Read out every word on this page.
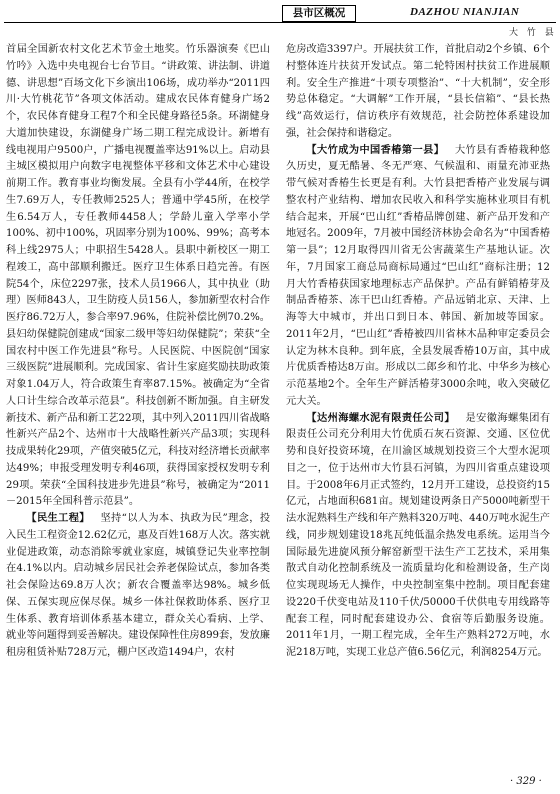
县市区概况	DAZHOU NIANJIAN
大 竹 县

首届全国新农村文化艺术节金土地奖。竹乐器演奏《巴山竹吟》入选中央电视台七台节目。“讲政策、讲法制、讲道德、讲思想”百场文化下乡演出106场，成功举办“2011四川·大竹桃花节”各项文体活动。建成农民体育健身广场2个，农民体育健身工程7个和全民健身路径5条。环湖健身大道加快建设，东湖健身广场二期工程完成设计。新增有线电视用户9500户，广播电视覆盖率达91%以上。启动县主城区模拟用户向数字电视整体平移和文体艺术中心建设前期工作。教育事业均衡发展。全县有小学44所，在校学生7.69万人，专任教师2525人；普通中学45所，在校学生6.54万人，专任教师4458人；学龄儿童入学率小学100%、初中100%，巩固率分别为100%、99%；高考本科上线2975人；中职招生5428人。县职中新校区一期工程竣工，高中部顺利搬迁。医疗卫生体系日趋完善。有医院54个，床位2297张，技术人员1966人，其中执业（助理）医师843人，卫生防疫人员156人，参加新型农村合作医疗86.72万人，参合率97.96%，住院补偿比例70.2%。县妇幼保健院创建成“国家二级甲等妇幼保健院”；荣获“全国农村中医工作先进县”称号。人民医院、中医院创“国家三级医院”进展顺利。完成国家、省计生家庭奖励扶助政策对象1.04万人，符合政策生育率87.15%。被确定为“全省人口计生综合改革示范县”。科技创新不断加强。自主研发新技术、新产品和新工艺22项，其中列入2011四川省战略性新兴产品2个、达州市十大战略性新兴产品3项；实现科技成果转化29项，产值突破5亿元，科技对经济增长贡献率达49%；申报受理发明专利46项，获得国家授权发明专利29项。荣获“全国科技进步先进县”称号，被确定为“2011－2015年全国科普示范县”。

【民生工程】  坚持“以人为本、执政为民”理念，投入民生工程资金12.62亿元，惠及百姓168万人次。落实就业促进政策，动态消除零就业家庭，城镇登记失业率控制在4.1%以内。启动城乡居民社会养老保险试点，参加各类社会保险达69.8万人次；新农合覆盖率达98%。城乡低保、五保实现应保尽保。城乡一体社保救助体系、医疗卫生体系、教育培训体系基本建立，群众关心看病、上学、就业等问题得到妥善解决。建设保障性住房899套，发放廉租房租赁补贴728万元，棚户区改造1494户，农村

危房改造3397户。开展扶贫工作，首批启动2个乡镇、6个村整体连片扶贫开发试点。第二轮特困村扶贫工作进展顺利。安全生产推进“十项专项整治”、“十大机制”，安全形势总体稳定。“大调解”工作开展，“县长信箱”、“县长热线”高效运行，信访秩序有效规范，社会防控体系建设加强，社会保持和谐稳定。

【大竹成为中国香椿第一县】  大竹县有香椿栽种悠久历史，夏无酷暑、冬无严寒、气候温和、雨量充沛亚热带气候对香椿生长更是有利。大竹县把香椿产业发展与调整农村产业结构、增加农民收入和科学实施林业项目有机结合起来，开展“巴山红”香椿品牌创建、新产品开发和产地冠名。2009年，7月被中国经济林协会命名为“中国香椿第一县”；12月取得四川省无公害蔬菜生产基地认证。次年，7月国家工商总局商标局通过“巴山红”商标注册；12月大竹香椿获国家地理标志产品保护。产品有鲜销椿芽及制品香椿茶、冻干巴山红香椿。产品远销北京、天津、上海等大中城市，并出口到日本、韩国、新加坡等国家。2011年2月，“巴山红”香椿被四川省林木品种审定委员会认定为林木良种。到年底，全县发展香椿10万亩，其中成片优质香椿达8万亩。形成以二郎乡和竹北、中华乡为核心示范基地2个。全年生产鲜活椿芽3000余吨，收入突破亿元大关。

【达州海螺水泥有限责任公司】  是安徽海螺集团有限责任公司充分利用大竹优质石灰石资源、交通、区位优势和良好投资环境，在川渝区域规划投资三个大型水泥项目之一，位于达州市大竹县石河镇，为四川省重点建设项目。于2008年6月正式签约，12月开工建设，总投资约15亿元，占地面积681亩。规划建设两条日产5000吨新型干法水泥熟料生产线和年产熟料320万吨、440万吨水泥生产线，同步规划建设18兆瓦纯低温余热发电系统。运用当今国际最先进旋风预分解窑新型干法生产工艺技术，采用集散式自动化控制系统及一流质量均化和检测设备，生产岗位实现现场无人操作，中央控制室集中控制。项目配套建设220千伏变电站及110千伏/50000千伏供电专用线路等配套工程，同时配套建设办公、食宿等后勤服务设施。2011年1月，一期工程完成，全年生产熟料272万吨，水泥218万吨，实现工业总产值6.56亿元，利润8254万元。

· 329 ·
